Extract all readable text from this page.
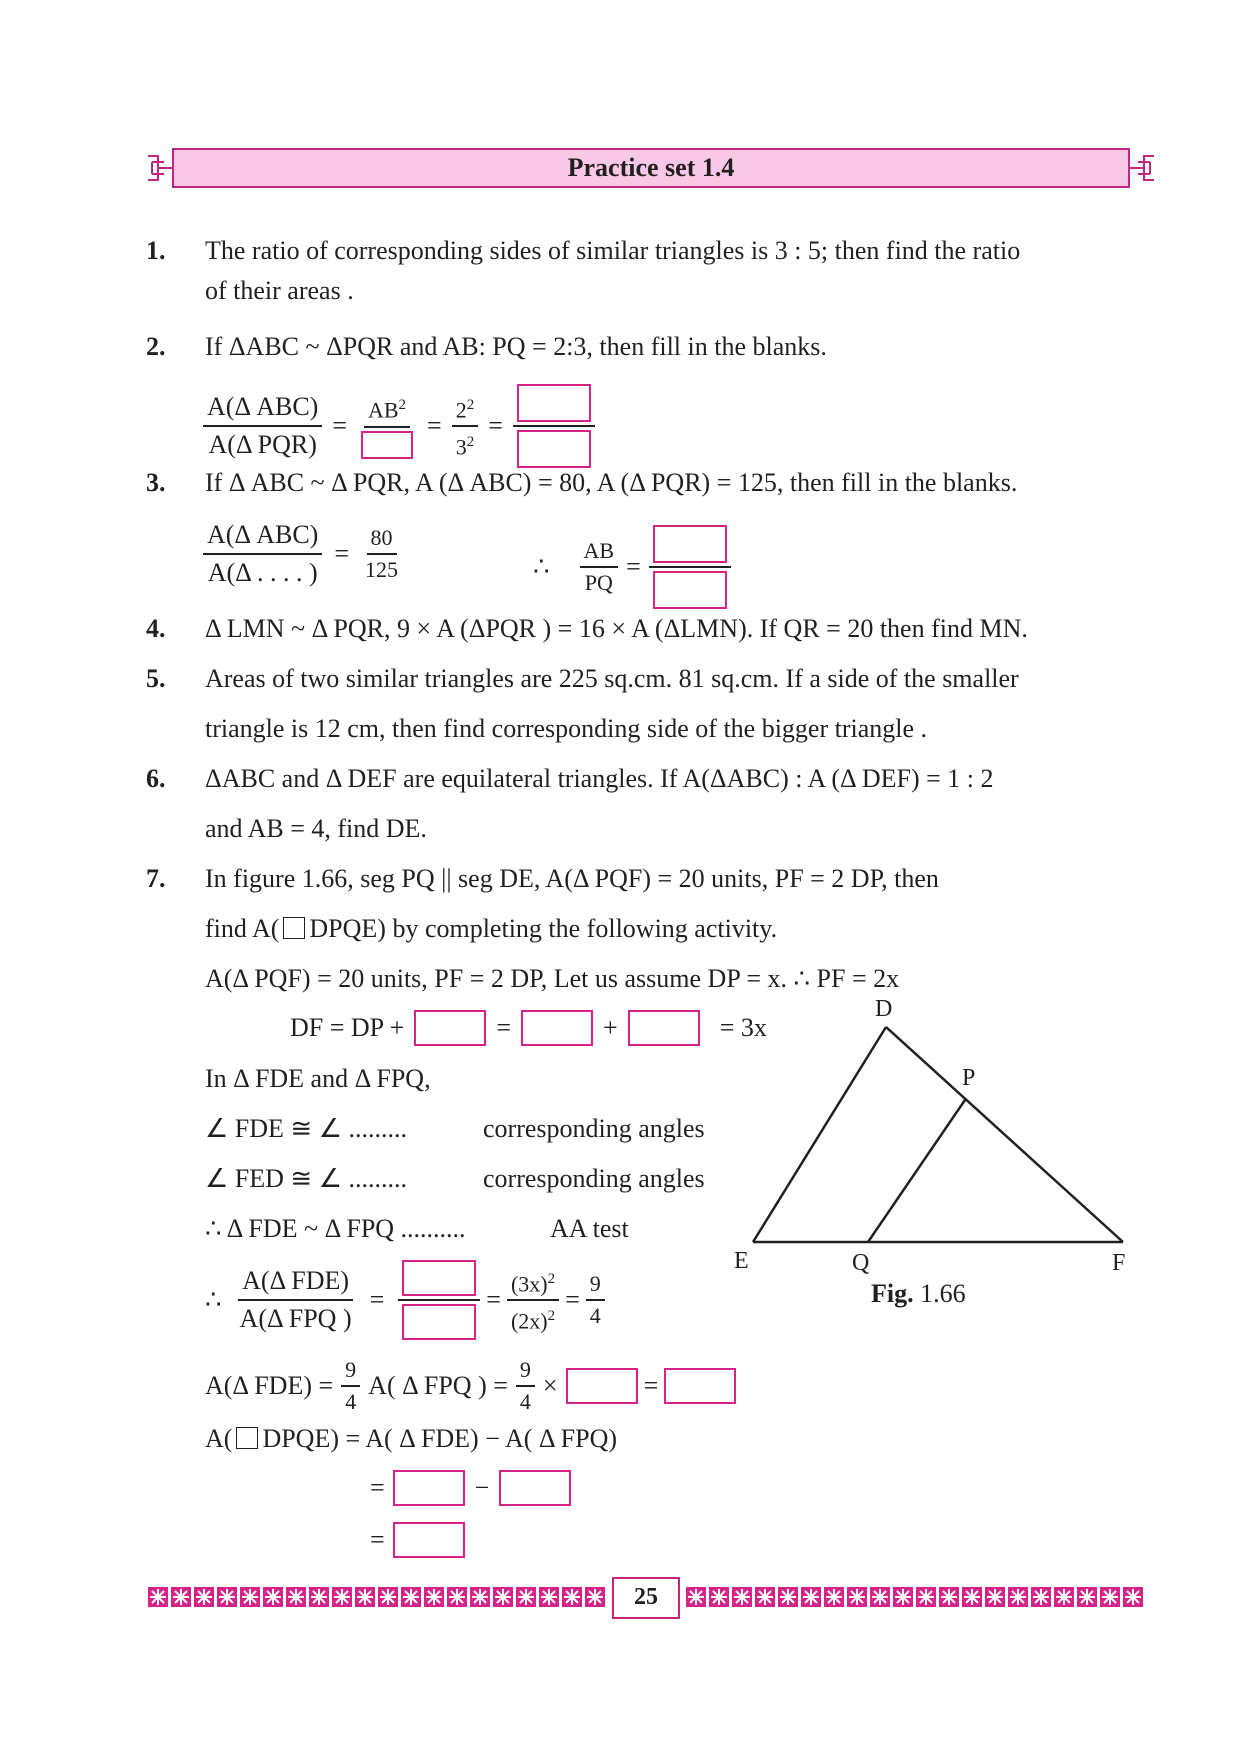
Practice set 1.4
1. The ratio of corresponding sides of similar triangles is 3 : 5; then find the ratio
of their areas .
2. If ΔABC ~ ΔPQR and AB: PQ = 2:3, then fill in the blanks.
$\frac{\text{A(Δ ABC)}}{\text{A(Δ PQR)}}$ =
$AB^2$
= $\frac{2^2}{3^2}$ =
3. If Δ ABC ~ Δ PQR, A (Δ ABC) = 80, A (Δ PQR) = 125, then fill in the blanks.
$\frac{\text{A(Δ ABC)}}{A(\Delta . . . . )} = \frac{80}{125}$	∴ $\frac{AB}{PQ}$ =
4. Δ LMN ~ Δ PQR, 9 × A (ΔPQR ) = 16 × A (ΔLMN). If QR = 20 then find MN.
5. Areas of two similar triangles are 225 sq.cm. 81 sq.cm. If a side of the smaller
triangle is 12 cm, then find corresponding side of the bigger triangle .
6. ΔABC and Δ DEF are equilateral triangles. If A(ΔABC) : A (Δ DEF) = 1 : 2
and AB = 4, find DE.
7. In figure 1.66, seg PQ || seg DE, A(Δ PQF) = 20 units, PF = 2 DP, then
find A( DPQE) by completing the following activity.
A(Δ PQF) = 20 units, PF = 2 DP, Let us assume DP = x. ∴ PF = 2x
DF = DP +	=	+	= 3x
In Δ FDE and Δ FPQ,
∠ FDE ≅ ∠ .........	corresponding angles
∠ FED ≅ ∠ .........	corresponding angles
∴ Δ FDE ~ Δ FPQ ..........	AA test
∴ $\frac{\text{A(Δ FDE)}}{\text{A(Δ FPQ )}}$ =	= $\frac{(3x)^2}{(2x)^2} = \frac{9}{4}$
A(Δ $FDE) = \frac{9}{4} A$( Δ FPQ ) = $\frac{9}{4}$ ×	=
A( DPQE) = A( Δ FDE) − A( Δ FPQ)
=	−
=
D
P
E	Q	F
Fig. 1.66
25
